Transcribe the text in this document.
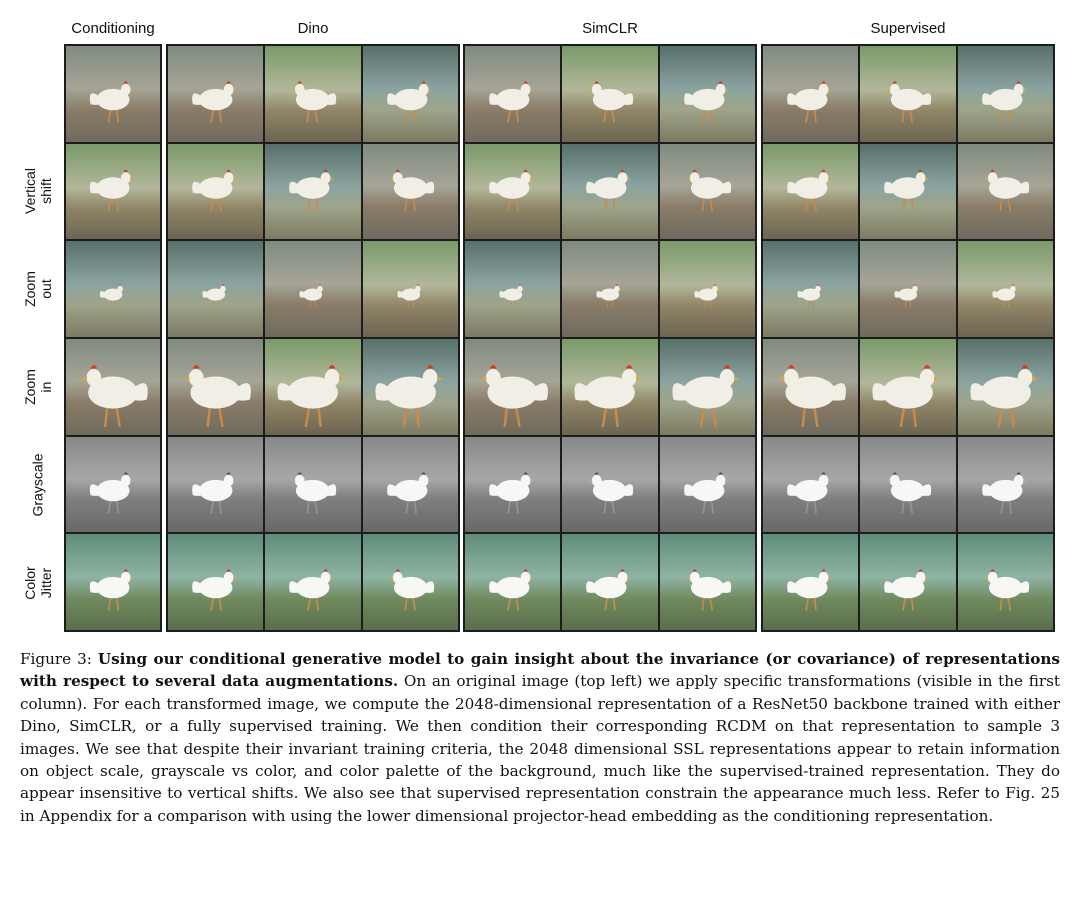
Conditioning	Dino	SimCLR	Supervised
Vertical
shift
Zoom out
Zoom in
Grayscale
Color Jitter

Figure 3: Using our conditional generative model to gain insight about the invariance (or covariance) of representations with respect to several data augmentations. On an original image (top left) we apply specific transformations (visible in the first column). For each transformed image, we compute the 2048-dimensional representation of a ResNet50 backbone trained with either Dino, SimCLR, or a fully supervised training. We then condition their corresponding RCDM on that representation to sample 3 images. We see that despite their invariant training criteria, the 2048 dimensional SSL representations appear to retain information on object scale, grayscale vs color, and color palette of the background, much like the supervised-trained representation. They do appear insensitive to vertical shifts. We also see that supervised representation constrain the appearance much less. Refer to Fig. 25 in Appendix for a comparison with using the lower dimensional projector-head embedding as the conditioning representation.
